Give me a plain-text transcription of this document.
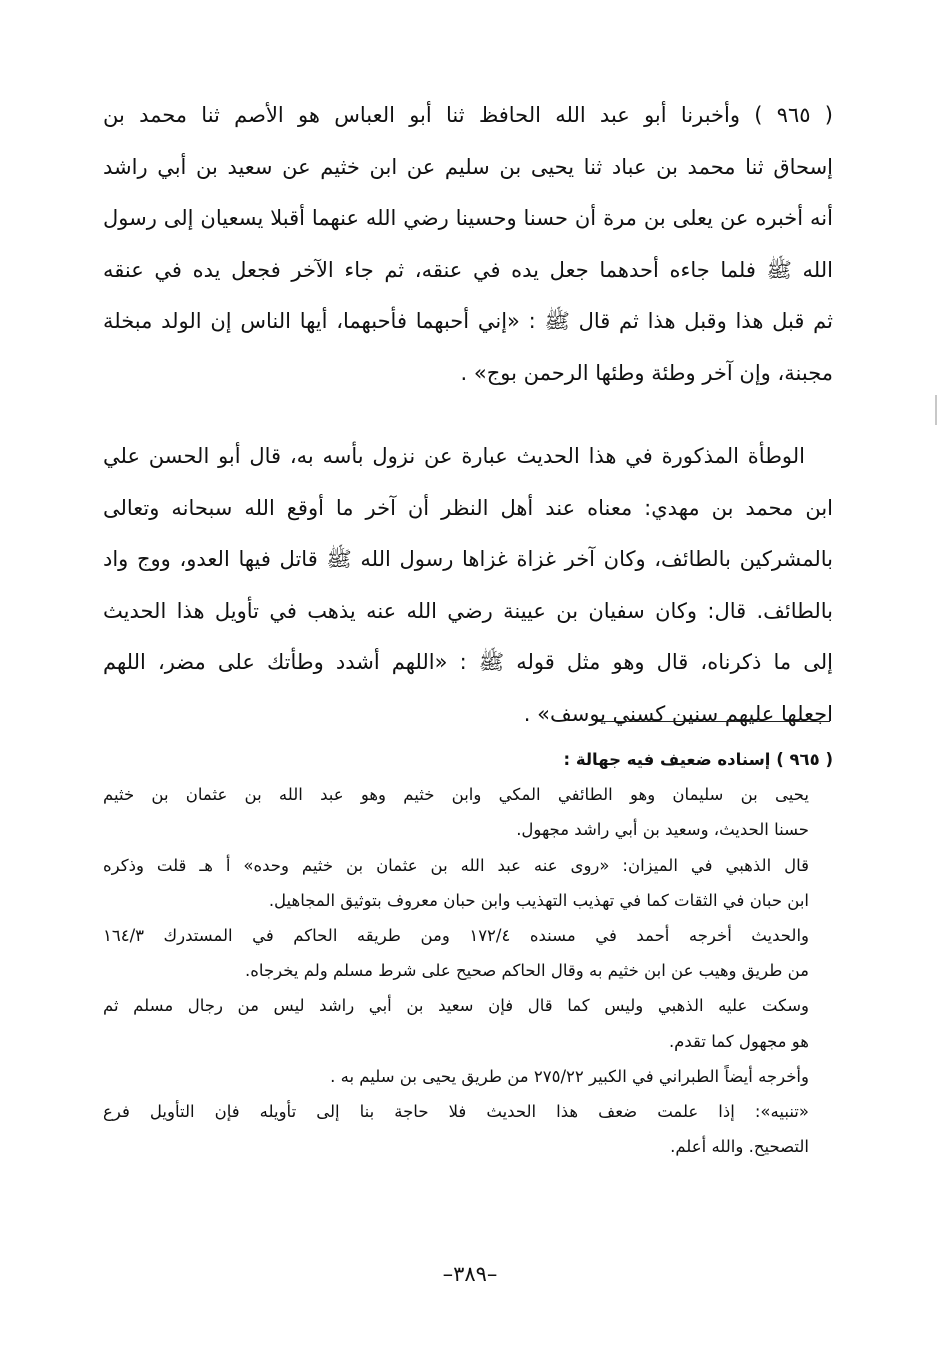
( ٩٦٥ ) وأخبرنا أبو عبد الله الحافظ ثنا أبو العباس هو الأصم ثنا محمد بن
إسحاق ثنا محمد بن عباد ثنا يحيى بن سليم عن ابن خثيم عن سعيد بن أبي راشد
أنه أخبره عن يعلى بن مرة أن حسنا وحسينا رضي الله عنهما أقبلا يسعيان إلى رسول
الله ﷺ فلما جاءه أحدهما جعل يده في عنقه، ثم جاء الآخر فجعل يده في عنقه
ثم قبل هذا وقبل هذا ثم قال ﷺ : «إني أحبهما فأحبهما، أيها الناس إن الولد مبخلة
مجبنة، وإن آخر وطئة وطئها الرحمن بوج» .
الوطأة المذكورة في هذا الحديث عبارة عن نزول بأسه به، قال أبو الحسن علي
ابن محمد بن مهدي: معناه عند أهل النظر أن آخر ما أوقع الله سبحانه وتعالى
بالمشركين بالطائف، وكان آخر غزاة غزاها رسول الله ﷺ قاتل فيها العدو، ووج واد
بالطائف. قال: وكان سفيان بن عيينة رضي الله عنه يذهب في تأويل هذا الحديث
إلى ما ذكرناه، قال وهو مثل قوله ﷺ : «اللهم أشدد وطأتك على مضر، اللهم
اجعلها عليهم سنين كسني يوسف» .
( ٩٦٥ ) إسناده ضعيف فيه جهالة :
يحيى بن سليمان وهو الطائفي المكي وابن خثيم وهو عبد الله بن عثمان بن خثيم
حسنا الحديث، وسعيد بن أبي راشد مجهول.
قال الذهبي في الميزان: «روى عنه عبد الله بن عثمان بن خثيم وحده» أ هـ قلت وذكره
ابن حبان في الثقات كما في تهذيب التهذيب وابن حبان معروف بتوثيق المجاهيل.
والحديث أخرجه أحمد في مسنده ١٧٢/٤ ومن طريقه الحاكم في المستدرك ١٦٤/٣
من طريق وهيب عن ابن خثيم به وقال الحاكم صحيح على شرط مسلم ولم يخرجاه.
وسكت عليه الذهبي وليس كما قال فإن سعيد بن أبي راشد ليس من رجال مسلم ثم
هو مجهول كما تقدم.
وأخرجه أيضاً الطبراني في الكبير ٢٧٥/٢٢ من طريق يحيى بن سليم به .
«تنبيه»: إذا علمت ضعف هذا الحديث فلا حاجة بنا إلى تأويله فإن التأويل فرع
التصحيح. والله أعلم.
–٣٨٩–
